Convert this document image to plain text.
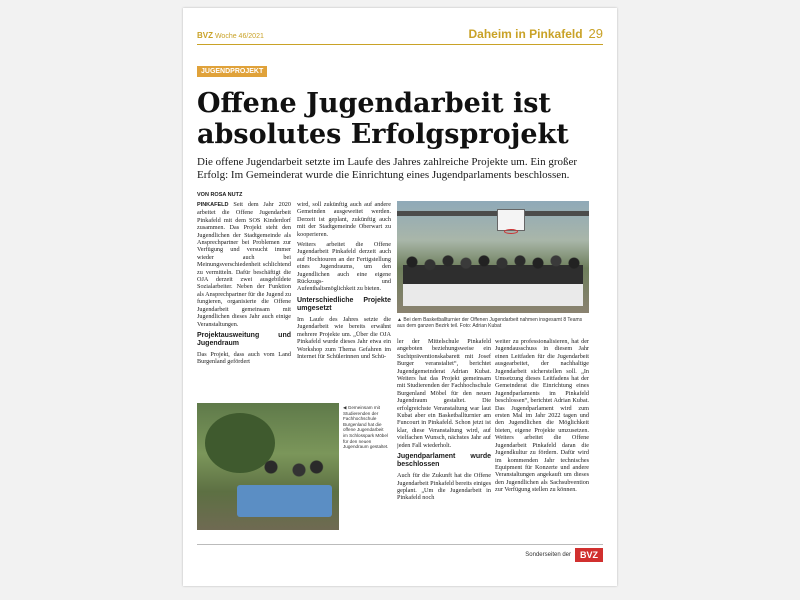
BVZ Woche 46/2021	Daheim in Pinkafeld 29
JUGENDPROJEKT
Offene Jugendarbeit ist absolutes Erfolgsprojekt
Die offene Jugendarbeit setzte im Laufe des Jahres zahlreiche Projekte um. Ein großer Erfolg: Im Gemeinderat wurde die Einrichtung eines Jugendparlaments beschlossen.
VON ROSA NUTZ

PINKAFELD Seit dem Jahr 2020 arbeitet die Offene Jugendarbeit Pinkafeld mit dem SOS Kinderdorf zusammen. Das Projekt steht den Jugendlichen der Stadtgemeinde als Ansprechpartner bei Problemen zur Verfügung und versucht immer wieder auch bei Meinungsverschiedenheit schlichtend zu vermitteln. Dafür beschäftigt die OJA derzeit zwei ausgebildete Sozialarbeiter. Neben der Funktion als Ansprechpartner für die Jugend zu fungieren, organisierte die Offene Jugendarbeit gemeinsam mit Jugendlichen dieses Jahr auch einige Veranstaltungen.

Projektausweitung und Jugendraum

Das Projekt, dass auch vom Land Burgenland gefördert

wird, soll zukünftig auch auf andere Gemeinden ausgeweitet werden. Derzeit ist geplant, zukünftig auch mit der Stadtgemeinde Oberwart zu kooperieren.

Weiters arbeitet die Offene Jugendarbeit Pinkafeld derzeit auch auf Hochtouren an der Fertigstellung eines Jugendraums, um den Jugendlichen auch eine eigene Rückzugs- und Aufenthaltsmöglichkeit zu bieten.

Unterschiedliche Projekte umgesetzt

Im Laufe des Jahres setzte die Jugendarbeit wie bereits erwähnt mehrere Projekte um. „Über die OJA Pinkafeld wurde dieses Jahr etwa ein Workshop zum Thema Gefahren im Internet für Schülerinnen und Schü-

▲ Bei dem Basketballturnier der Offenen Jugendarbeit nahmen insgesamt 8 Teams aus dem ganzen Bezirk teil. Foto: Adrian Kubat

ler der Mittelschule Pinkafeld angeboten beziehungsweise ein Suchtpräventionskabarett mit Josef Burger veranstaltet“, berichtet Jugendgemeinderat Adrian Kubat. Weiters hat das Projekt gemeinsam mit Studierenden der Fachhochschule Burgenland Möbel für den neuen Jugendraum gestaltet. Die erfolgreichste Veranstaltung war laut Kubat aber ein Basketballturnier am Funcourt in Pinkafeld. Schon jetzt ist klar, diese Veranstaltung wird, auf vielfachen Wunsch, nächstes Jahr auf jeden Fall wiederholt.

Jugendparlament wurde beschlossen

Auch für die Zukunft hat die Offene Jugendarbeit Pinkafeld bereits einiges geplant. „Um die Jugendarbeit in Pinkafeld noch

weiter zu professionalisieren, hat der Jugendausschuss in diesem Jahr einen Leitfaden für die Jugendarbeit ausgearbeitet, der nachhaltige Jugendarbeit sicherstellen soll. „In Umsetzung dieses Leitfadens hat der Gemeinderat die Einrichtung eines Jugendparlaments im Pinkafeld beschlossen“, berichtet Adrian Kubat. Das Jugendparlament wird zum ersten Mal im Jahr 2022 tagen und den Jugendlichen die Möglichkeit bieten, eigene Projekte umzusetzen. Weiters arbeitet die Offene Jugendarbeit Pinkafeld daran die Jugendkultur zu fördern. Dafür wird im kommenden Jahr technisches Equipment für Konzerte und andere Veranstaltungen angekauft um dieses den Jugendlichen als Sachsubvention zur Verfügung stellen zu können.

◀ Gemeinsam mit Studierenden der Fachhochschule Burgenland hat die offene Jugendarbeit im Schlosspark Möbel für den neuen Jugendraum gestaltet.
Sonderseiten der	BVZ
